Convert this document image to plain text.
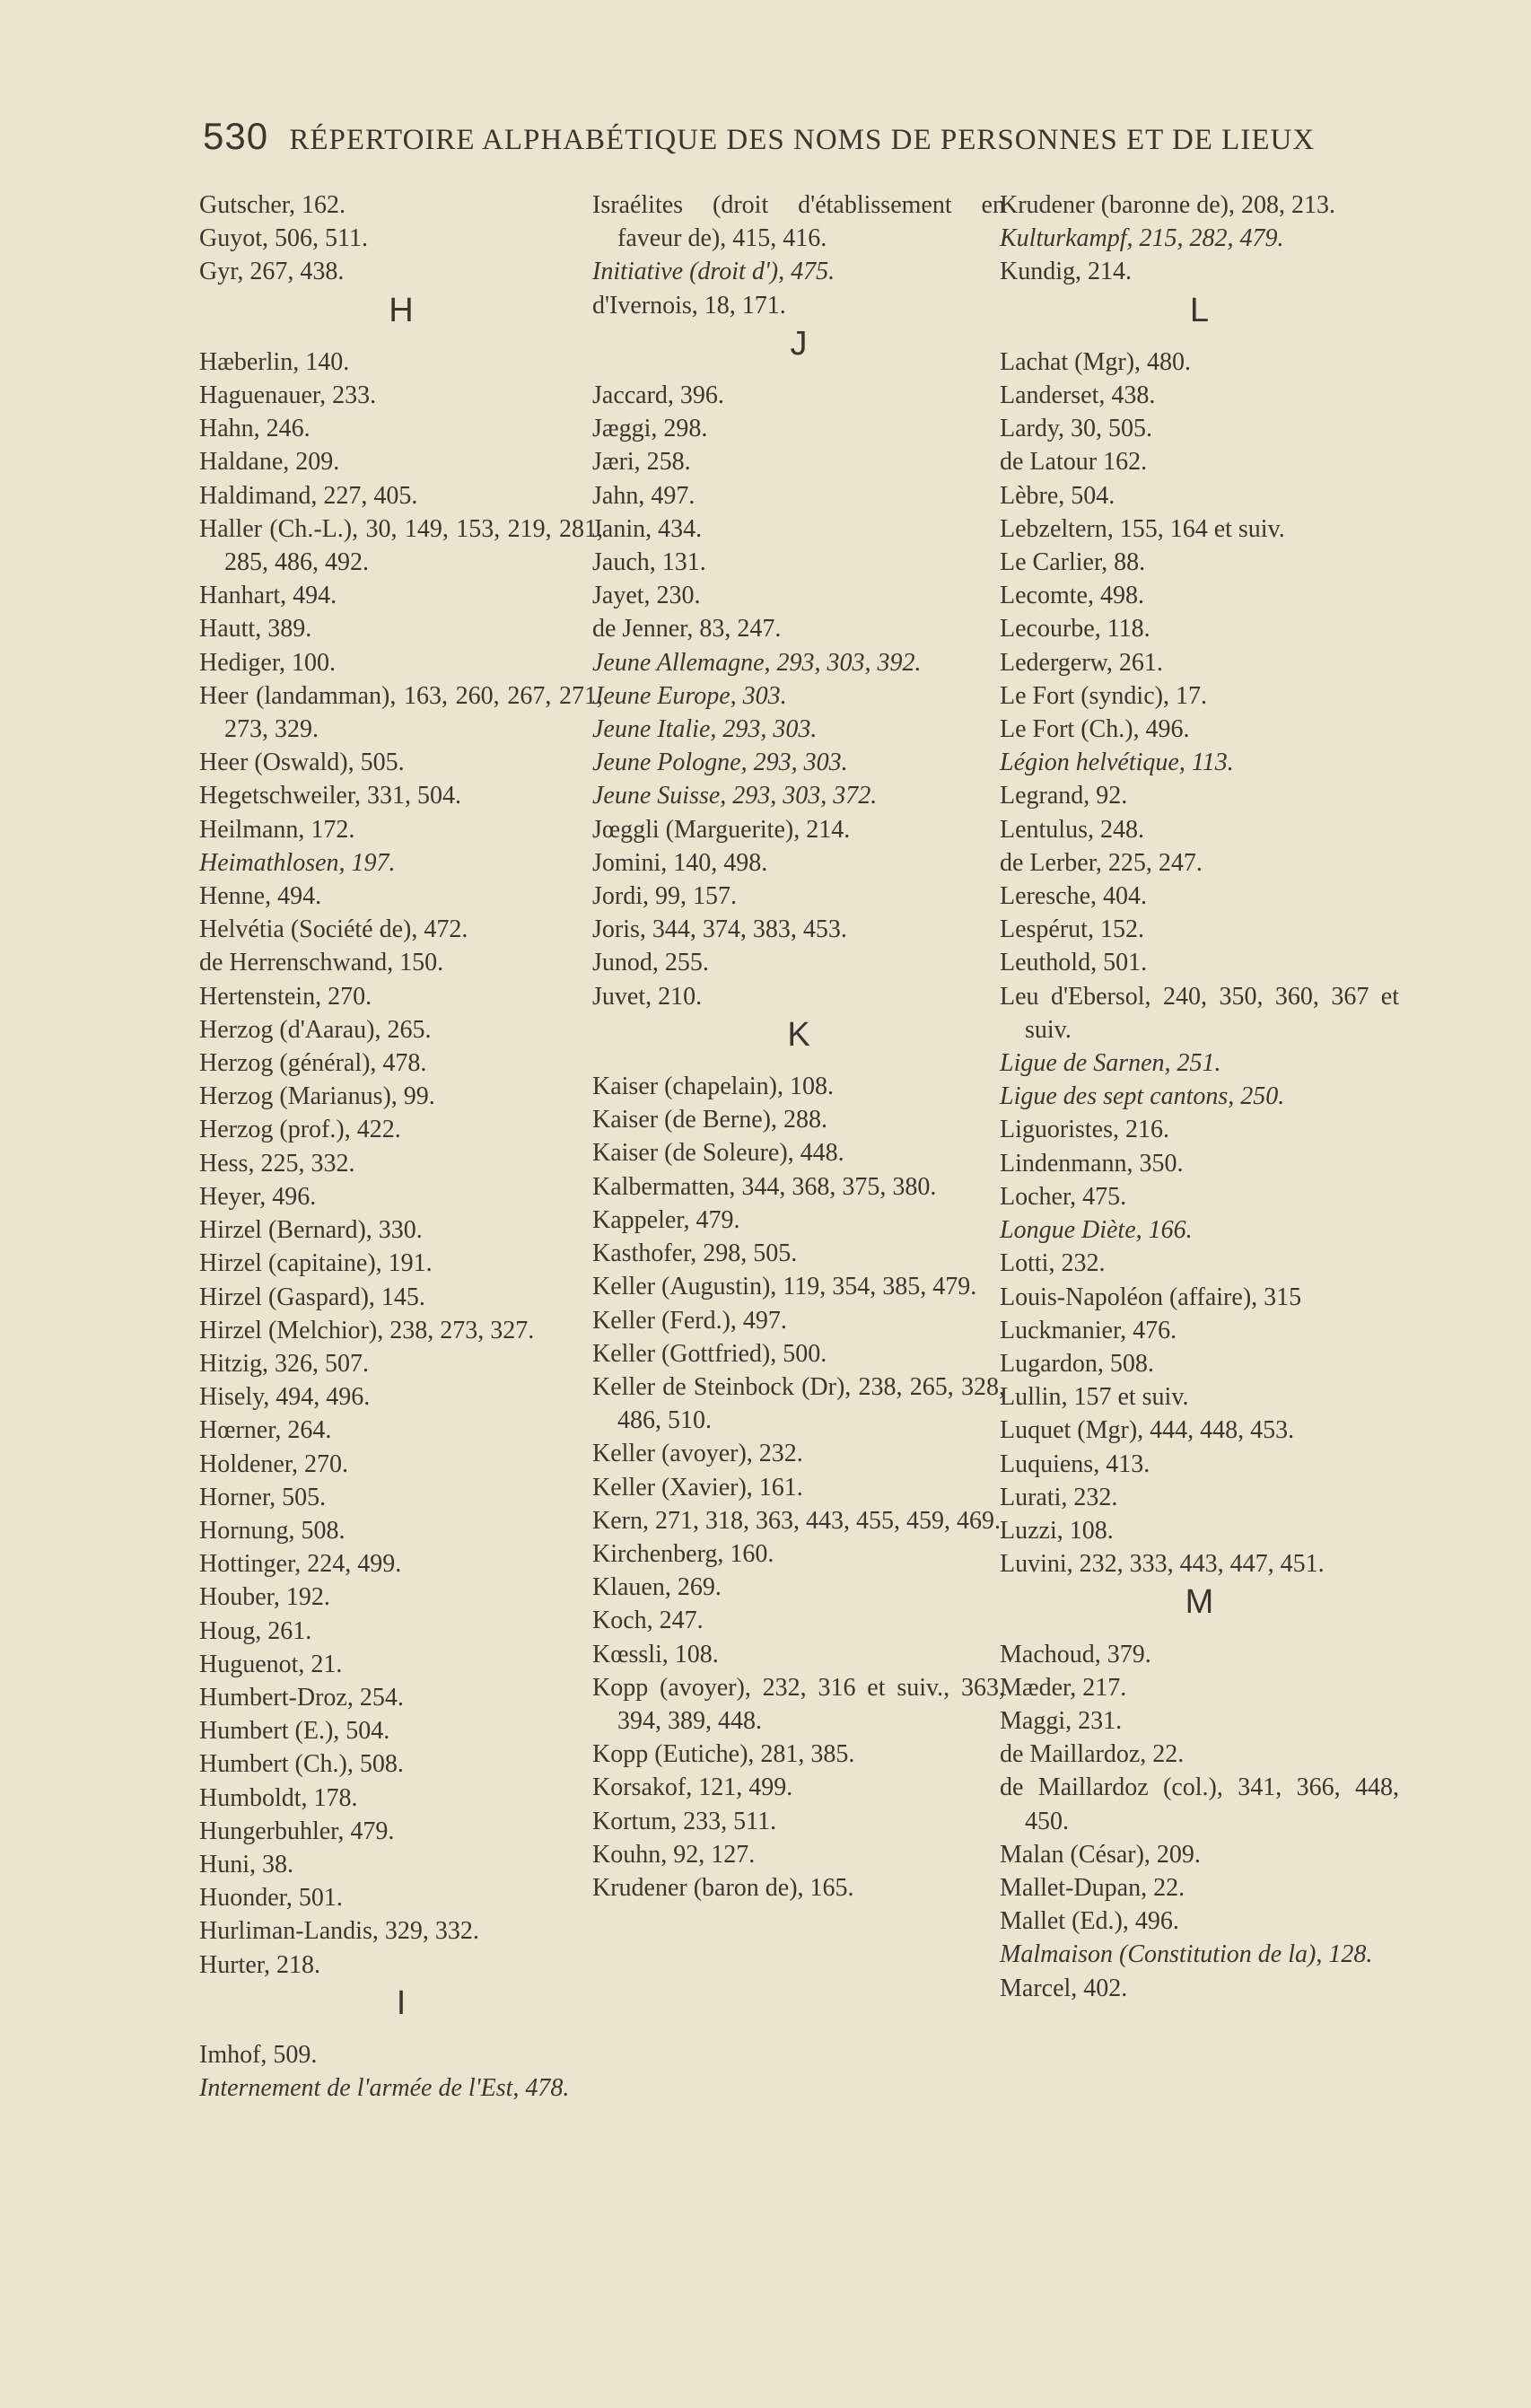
530 RÉPERTOIRE ALPHABÉTIQUE DES NOMS DE PERSONNES ET DE LIEUX
Gutscher, 162.
Guyot, 506, 511.
Gyr, 267, 438.
H
Hæberlin, 140.
Haguenauer, 233.
Hahn, 246.
Haldane, 209.
Haldimand, 227, 405.
Haller (Ch.-L.), 30, 149, 153, 219, 281, 285, 486, 492.
Hanhart, 494.
Hautt, 389.
Hediger, 100.
Heer (landamman), 163, 260, 267, 271, 273, 329.
Heer (Oswald), 505.
Hegetschweiler, 331, 504.
Heilmann, 172.
Heimathlosen, 197.
Henne, 494.
Helvétia (Société de), 472.
de Herrenschwand, 150.
Hertenstein, 270.
Herzog (d'Aarau), 265.
Herzog (général), 478.
Herzog (Marianus), 99.
Herzog (prof.), 422.
Hess, 225, 332.
Heyer, 496.
Hirzel (Bernard), 330.
Hirzel (capitaine), 191.
Hirzel (Gaspard), 145.
Hirzel (Melchior), 238, 273, 327.
Hitzig, 326, 507.
Hisely, 494, 496.
Hœrner, 264.
Holdener, 270.
Horner, 505.
Hornung, 508.
Hottinger, 224, 499.
Houber, 192.
Houg, 261.
Huguenot, 21.
Humbert-Droz, 254.
Humbert (E.), 504.
Humbert (Ch.), 508.
Humboldt, 178.
Hungerbuhler, 479.
Huni, 38.
Huonder, 501.
Hurliman-Landis, 329, 332.
Hurter, 218.
I
Imhof, 509.
Internement de l'armée de l'Est, 478.
Israélites (droit d'établissement en faveur de), 415, 416.
Initiative (droit d'), 475.
d'Ivernois, 18, 171.
J
Jaccard, 396.
Jæggi, 298.
Jæri, 258.
Jahn, 497.
Janin, 434.
Jauch, 131.
Jayet, 230.
de Jenner, 83, 247.
Jeune Allemagne, 293, 303, 392.
Jeune Europe, 303.
Jeune Italie, 293, 303.
Jeune Pologne, 293, 303.
Jeune Suisse, 293, 303, 372.
Jœggli (Marguerite), 214.
Jomini, 140, 498.
Jordi, 99, 157.
Joris, 344, 374, 383, 453.
Junod, 255.
Juvet, 210.
K
Kaiser (chapelain), 108.
Kaiser (de Berne), 288.
Kaiser (de Soleure), 448.
Kalbermatten, 344, 368, 375, 380.
Kappeler, 479.
Kasthofer, 298, 505.
Keller (Augustin), 119, 354, 385, 479.
Keller (Ferd.), 497.
Keller (Gottfried), 500.
Keller de Steinbock (Dr), 238, 265, 328, 486, 510.
Keller (avoyer), 232.
Keller (Xavier), 161.
Kern, 271, 318, 363, 443, 455, 459, 469.
Kirchenberg, 160.
Klauen, 269.
Koch, 247.
Kœssli, 108.
Kopp (avoyer), 232, 316 et suiv., 363, 394, 389, 448.
Kopp (Eutiche), 281, 385.
Korsakof, 121, 499.
Kortum, 233, 511.
Kouhn, 92, 127.
Krudener (baron de), 165.
Krudener (baronne de), 208, 213.
Kulturkampf, 215, 282, 479.
Kundig, 214.
L
Lachat (Mgr), 480.
Landerset, 438.
Lardy, 30, 505.
de Latour 162.
Lèbre, 504.
Lebzeltern, 155, 164 et suiv.
Le Carlier, 88.
Lecomte, 498.
Lecourbe, 118.
Ledergerw, 261.
Le Fort (syndic), 17.
Le Fort (Ch.), 496.
Légion helvétique, 113.
Legrand, 92.
Lentulus, 248.
de Lerber, 225, 247.
Leresche, 404.
Lespérut, 152.
Leuthold, 501.
Leu d'Ebersol, 240, 350, 360, 367 et suiv.
Ligue de Sarnen, 251.
Ligue des sept cantons, 250.
Liguoristes, 216.
Lindenmann, 350.
Locher, 475.
Longue Diète, 166.
Lotti, 232.
Louis-Napoléon (affaire), 315
Luckmanier, 476.
Lugardon, 508.
Lullin, 157 et suiv.
Luquet (Mgr), 444, 448, 453.
Luquiens, 413.
Lurati, 232.
Luzzi, 108.
Luvini, 232, 333, 443, 447, 451.
M
Machoud, 379.
Mæder, 217.
Maggi, 231.
de Maillardoz, 22.
de Maillardoz (col.), 341, 366, 448, 450.
Malan (César), 209.
Mallet-Dupan, 22.
Mallet (Ed.), 496.
Malmaison (Constitution de la), 128.
Marcel, 402.
